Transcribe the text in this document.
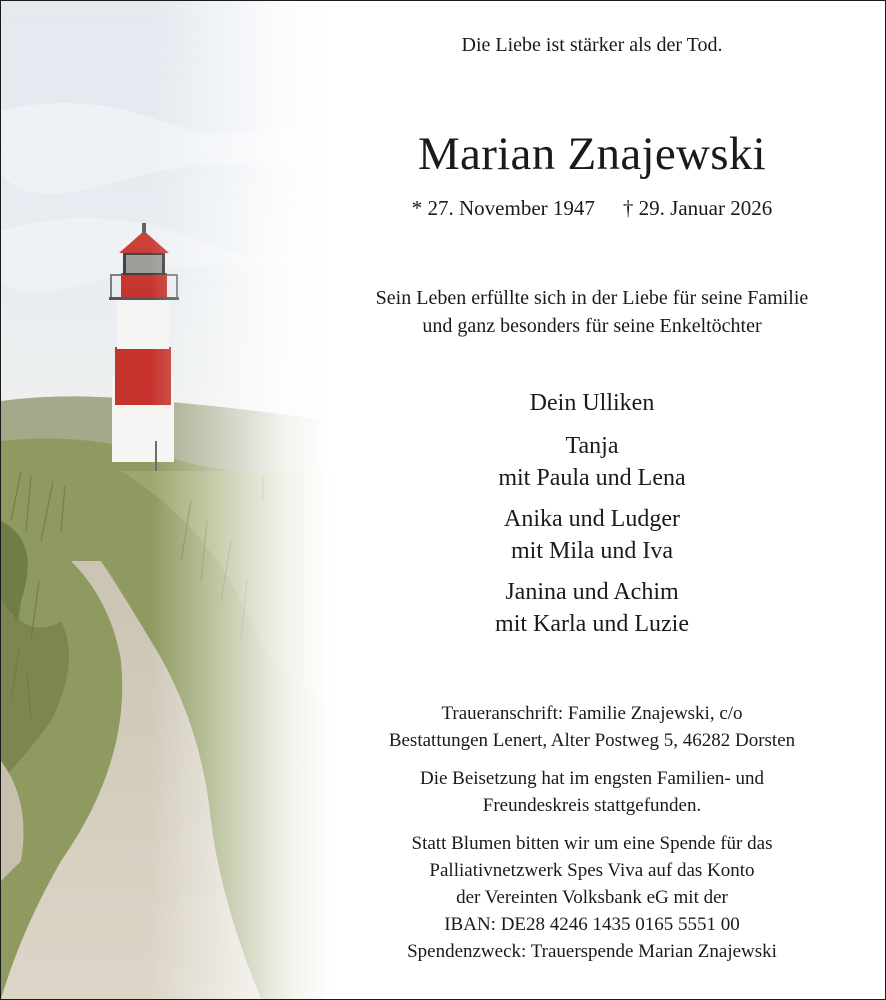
Die Liebe ist stärker als der Tod.
Marian Znajewski
* 27. November 1947 † 29. Januar 2026
Sein Leben erfüllte sich in der Liebe für seine Familie
und ganz besonders für seine Enkeltöchter
Dein Ulliken
Tanja
mit Paula und Lena
Anika und Ludger
mit Mila und Iva
Janina und Achim
mit Karla und Luzie
Traueranschrift: Familie Znajewski, c/o
Bestattungen Lenert, Alter Postweg 5, 46282 Dorsten
Die Beisetzung hat im engsten Familien- und
Freundeskreis stattgefunden.
Statt Blumen bitten wir um eine Spende für das
Palliativnetzwerk Spes Viva auf das Konto
der Vereinten Volksbank eG mit der
IBAN: DE28 4246 1435 0165 5551 00
Spendenzweck: Trauerspende Marian Znajewski
